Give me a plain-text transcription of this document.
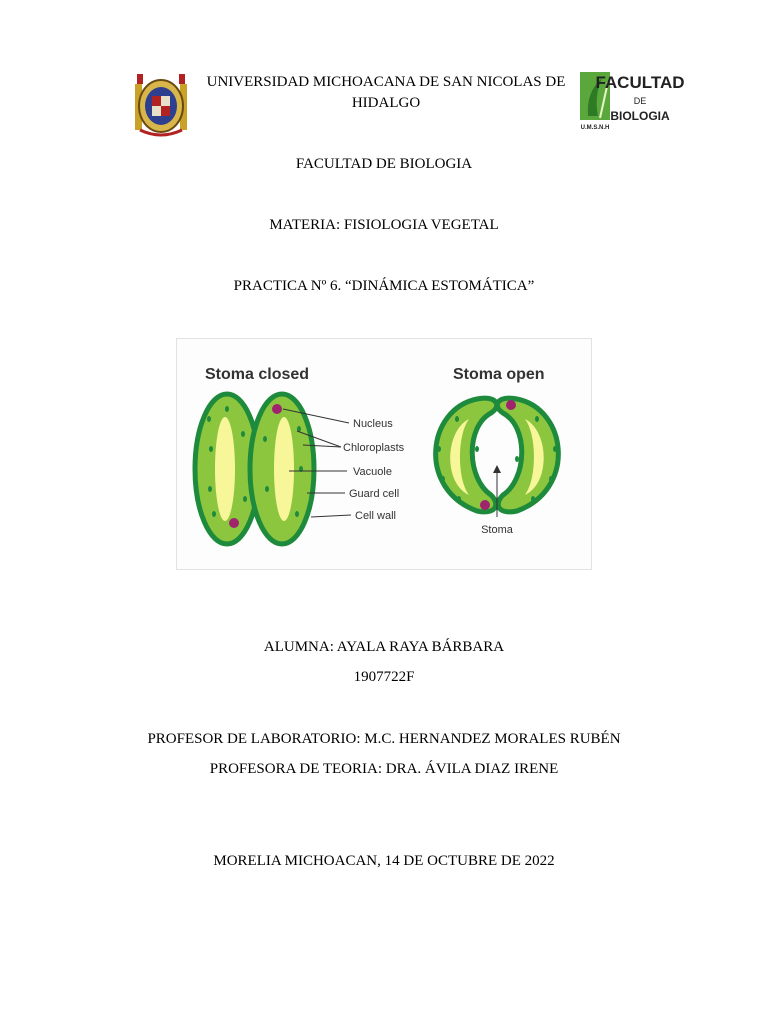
UNIVERSIDAD MICHOACANA DE SAN NICOLAS DE
HIDALGO
FACULTAD
DE
BIOLOGIA
U.M.S.N.H
FACULTAD DE BIOLOGIA
MATERIA: FISIOLOGIA VEGETAL
PRACTICA Nº 6. “DINÁMICA ESTOMÁTICA”
Stoma closed	Stoma open
Nucleus
Chloroplasts
Vacuole
Guard cell
Cell wall
Stoma
ALUMNA: AYALA RAYA BÁRBARA
1907722F
PROFESOR DE LABORATORIO: M.C. HERNANDEZ MORALES RUBÉN
PROFESORA DE TEORIA: DRA. ÁVILA DIAZ IRENE
MORELIA MICHOACAN, 14 DE OCTUBRE DE 2022
